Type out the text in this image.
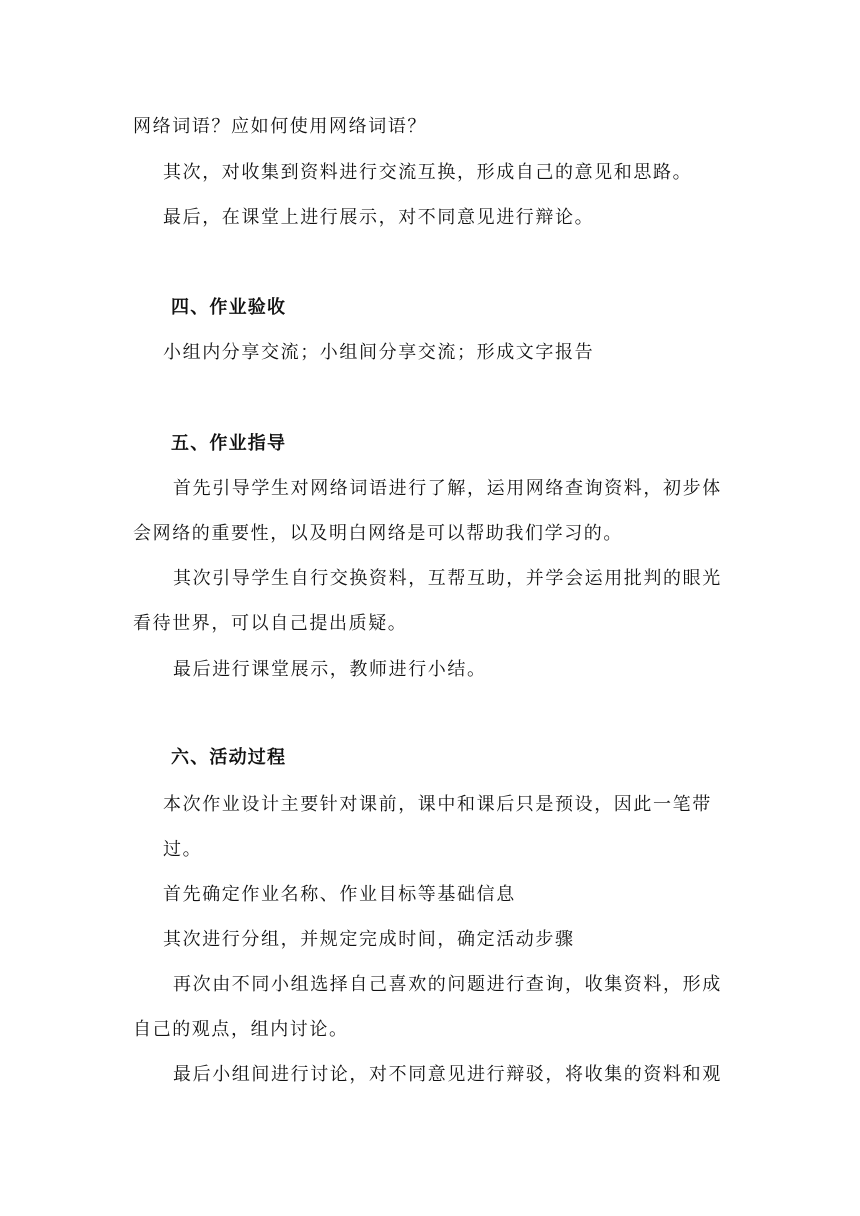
网络词语？应如何使用网络词语？
其次，对收集到资料进行交流互换，形成自己的意见和思路。
最后，在课堂上进行展示，对不同意见进行辩论。
四、作业验收
小组内分享交流；小组间分享交流；形成文字报告
五、作业指导
首先引导学生对网络词语进行了解，运用网络查询资料，初步体
会网络的重要性，以及明白网络是可以帮助我们学习的。
其次引导学生自行交换资料，互帮互助，并学会运用批判的眼光
看待世界，可以自己提出质疑。
最后进行课堂展示，教师进行小结。
六、活动过程
本次作业设计主要针对课前，课中和课后只是预设，因此一笔带
过。
首先确定作业名称、作业目标等基础信息
其次进行分组，并规定完成时间，确定活动步骤
再次由不同小组选择自己喜欢的问题进行查询，收集资料，形成
自己的观点，组内讨论。
最后小组间进行讨论，对不同意见进行辩驳，将收集的资料和观
